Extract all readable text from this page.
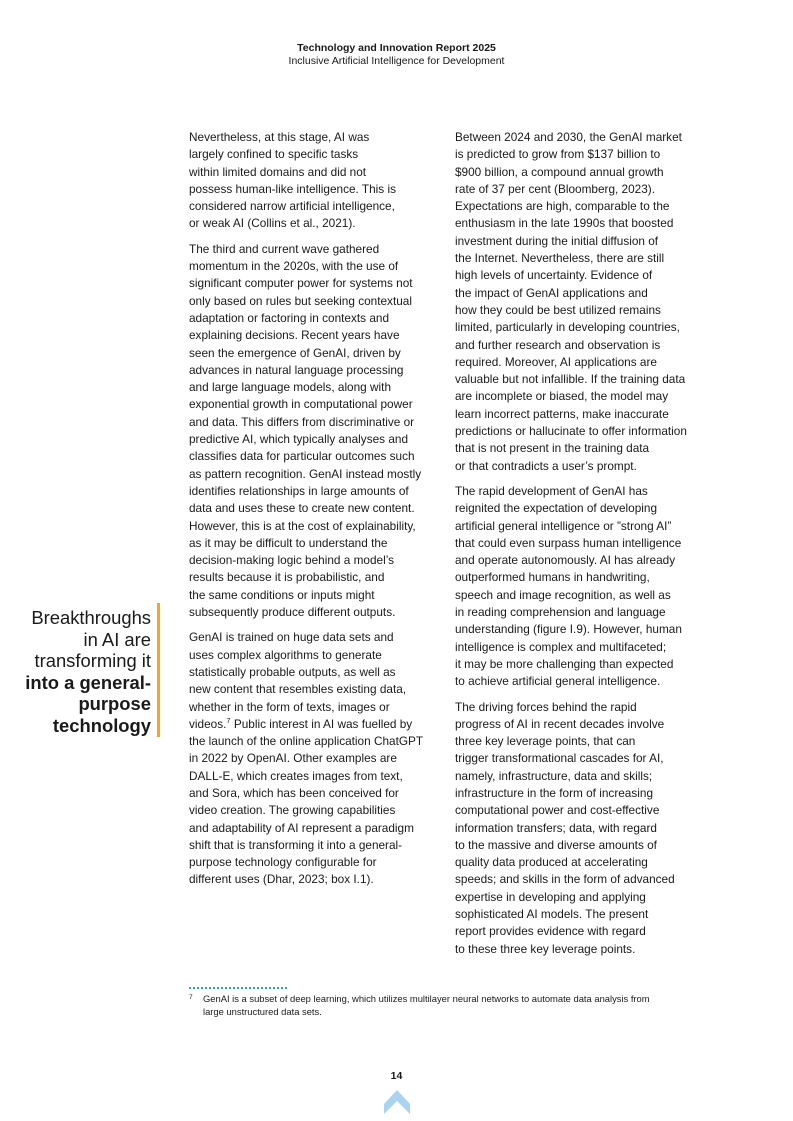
Technology and Innovation Report 2025
Inclusive Artificial Intelligence for Development

Nevertheless, at this stage, AI was
largely confined to specific tasks
within limited domains and did not
possess human-like intelligence. This is
considered narrow artificial intelligence,
or weak AI (Collins et al., 2021).

The third and current wave gathered
momentum in the 2020s, with the use of
significant computer power for systems not
only based on rules but seeking contextual
adaptation or factoring in contexts and
explaining decisions. Recent years have
seen the emergence of GenAI, driven by
advances in natural language processing
and large language models, along with
exponential growth in computational power
and data. This differs from discriminative or
predictive AI, which typically analyses and
classifies data for particular outcomes such
as pattern recognition. GenAI instead mostly
identifies relationships in large amounts of
data and uses these to create new content.
However, this is at the cost of explainability,
as it may be difficult to understand the
decision-making logic behind a model’s
results because it is probabilistic, and
the same conditions or inputs might
subsequently produce different outputs.

GenAI is trained on huge data sets and
uses complex algorithms to generate
statistically probable outputs, as well as
new content that resembles existing data,
whether in the form of texts, images or
videos.$^7$ Public interest in AI was fuelled by
the launch of the online application ChatGPT
in 2022 by OpenAI. Other examples are
DALL-E, which creates images from text,
and Sora, which has been conceived for
video creation. The growing capabilities
and adaptability of AI represent a paradigm
shift that is transforming it into a general-
purpose technology configurable for
different uses (Dhar, 2023; box I.1).

Between 2024 and 2030, the GenAI market
is predicted to grow from $137 billion to
$900 billion, a compound annual growth
rate of 37 per cent (Bloomberg, 2023).
Expectations are high, comparable to the
enthusiasm in the late 1990s that boosted
investment during the initial diffusion of
the Internet. Nevertheless, there are still
high levels of uncertainty. Evidence of
the impact of GenAI applications and
how they could be best utilized remains
limited, particularly in developing countries,
and further research and observation is
required. Moreover, AI applications are
valuable but not infallible. If the training data
are incomplete or biased, the model may
learn incorrect patterns, make inaccurate
predictions or hallucinate to offer information
that is not present in the training data
or that contradicts a user’s prompt.

The rapid development of GenAI has
reignited the expectation of developing
artificial general intelligence or ”strong AI”
that could even surpass human intelligence
and operate autonomously. AI has already
outperformed humans in handwriting,
speech and image recognition, as well as
in reading comprehension and language
understanding (figure I.9). However, human
intelligence is complex and multifaceted;
it may be more challenging than expected
to achieve artificial general intelligence.

The driving forces behind the rapid
progress of AI in recent decades involve
three key leverage points, that can
trigger transformational cascades for AI,
namely, infrastructure, data and skills;
infrastructure in the form of increasing
computational power and cost-effective
information transfers; data, with regard
to the massive and diverse amounts of
quality data produced at accelerating
speeds; and skills in the form of advanced
expertise in developing and applying
sophisticated AI models. The present
report provides evidence with regard
to these three key leverage points.

Breakthroughs
in AI are
transforming it
into a general-
purpose
technology
7 GenAI is a subset of deep learning, which utilizes multilayer neural networks to automate data analysis from
large unstructured data sets.
14
